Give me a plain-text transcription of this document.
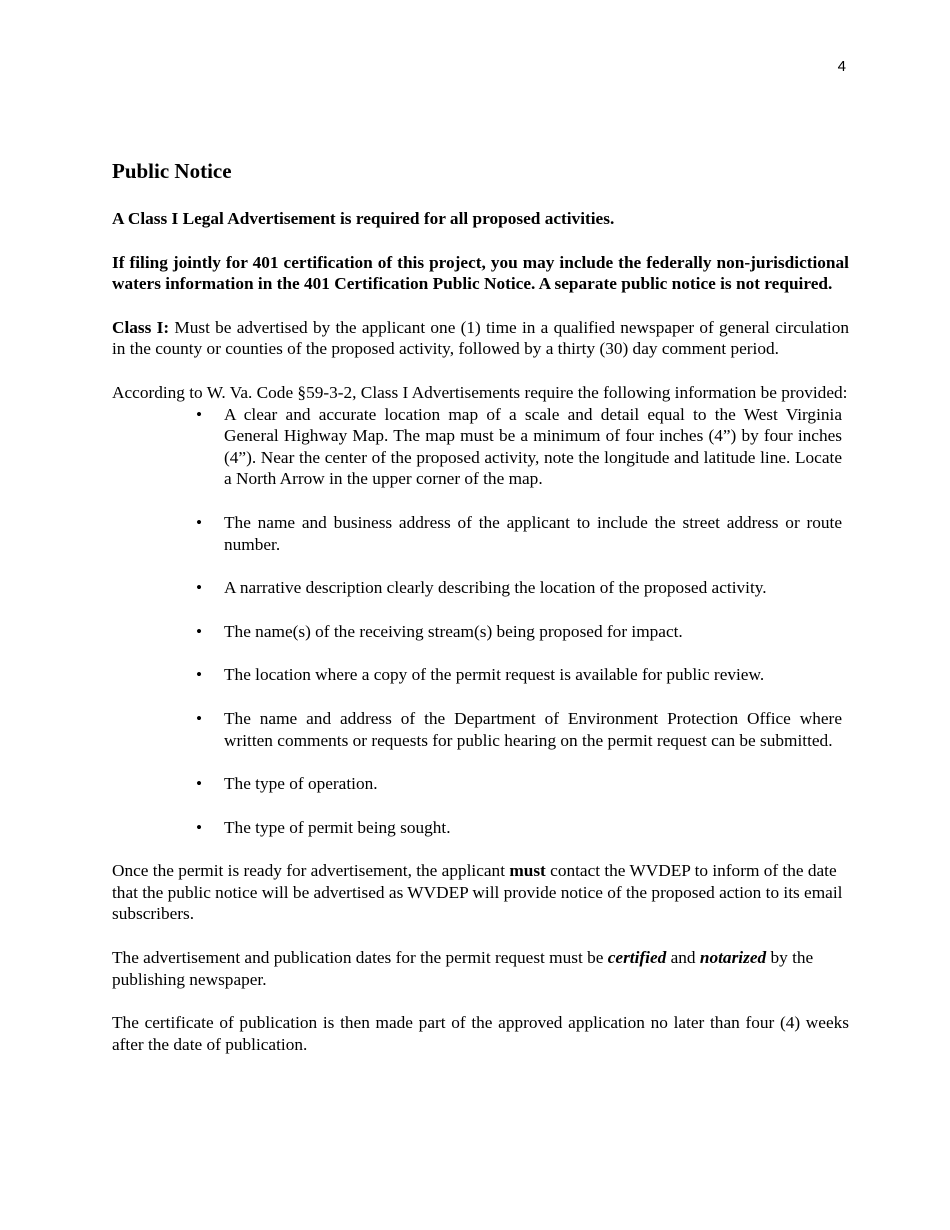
4
Public Notice

A Class I Legal Advertisement is required for all proposed activities.

If filing jointly for 401 certification of this project, you may include the federally non-jurisdictional waters information in the 401 Certification Public Notice. A separate public notice is not required.

Class I: Must be advertised by the applicant one (1) time in a qualified newspaper of general circulation in the county or counties of the proposed activity, followed by a thirty (30) day comment period.

According to W. Va. Code §59-3-2, Class I Advertisements require the following information be provided:

• A clear and accurate location map of a scale and detail equal to the West Virginia General Highway Map. The map must be a minimum of four inches (4”) by four inches (4”). Near the center of the proposed activity, note the longitude and latitude line. Locate a North Arrow in the upper corner of the map.
• The name and business address of the applicant to include the street address or route number.
• A narrative description clearly describing the location of the proposed activity.
• The name(s) of the receiving stream(s) being proposed for impact.
• The location where a copy of the permit request is available for public review.
• The name and address of the Department of Environment Protection Office where written comments or requests for public hearing on the permit request can be submitted.
• The type of operation.
• The type of permit being sought.

Once the permit is ready for advertisement, the applicant must contact the WVDEP to inform of the date that the public notice will be advertised as WVDEP will provide notice of the proposed action to its email subscribers.

The advertisement and publication dates for the permit request must be certified and notarized by the publishing newspaper.

The certificate of publication is then made part of the approved application no later than four (4) weeks after the date of publication.
